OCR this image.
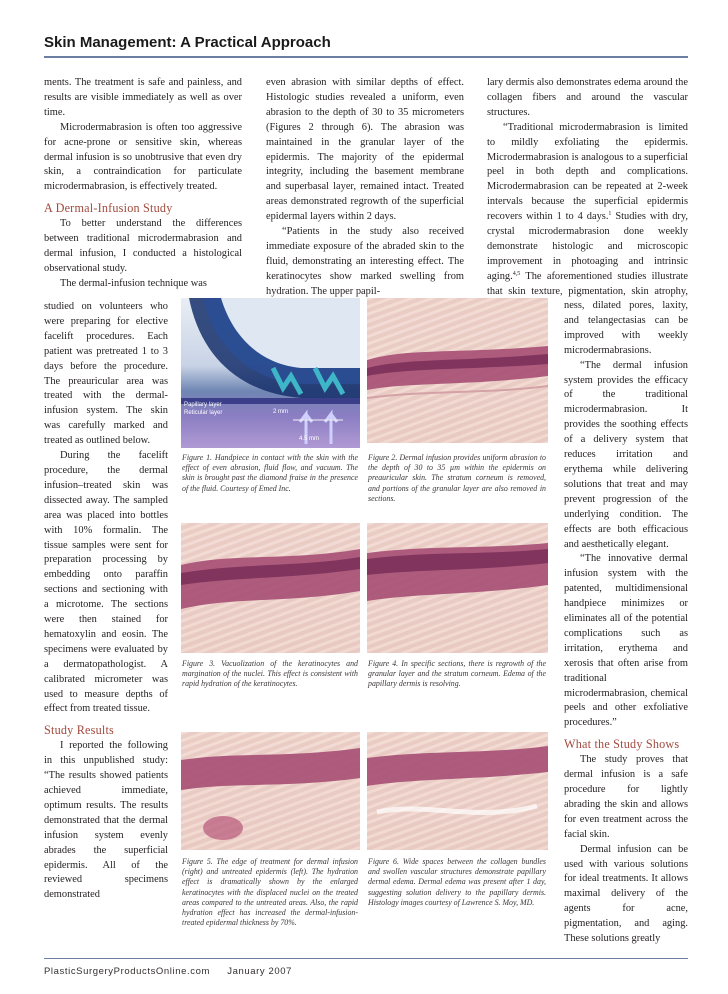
Skin Management: A Practical Approach

ments. The treatment is safe and painless, and results are visible immediately as well as over time.

Microdermabrasion is often too aggressive for acne-prone or sensitive skin, whereas dermal infusion is so unobtrusive that even dry skin, a contraindication for particulate microdermabrasion, is effectively treated.

A Dermal-Infusion Study

To better understand the differences between traditional microdermabrasion and dermal infusion, I conducted a histological observational study.

The dermal-infusion technique was

studied on volunteers who were preparing for elective facelift procedures. Each patient was pretreated 1 to 3 days before the procedure. The preauricular area was treated with the dermal-infusion system. The skin was carefully marked and treated as outlined below.

During the facelift procedure, the dermal infusion–treated skin was dissected away. The sampled area was placed into bottles with 10% formalin. The tissue samples were sent for preparation processing by embedding onto paraffin sections and sectioning with a microtome. The sections were then stained for hematoxylin and eosin. The specimens were evaluated by a dermatopathologist. A calibrated micrometer was used to measure depths of effect from treated tissue.

Study Results

I reported the following in this unpublished study: “The results showed patients achieved immediate, optimum results. The results demonstrated that the dermal infusion system evenly abrades the superficial epidermis. All of the reviewed specimens demonstrated

even abrasion with similar depths of effect. Histologic studies revealed a uniform, even abrasion to the depth of 30 to 35 micrometers (Figures 2 through 6). The abrasion was maintained in the granular layer of the epidermis. The majority of the epidermal integrity, including the basement membrane and superbasal layer, remained intact. Treated areas demonstrated regrowth of the superficial epidermal layers within 2 days.

“Patients in the study also received immediate exposure of the abraded skin to the fluid, demonstrating an interesting effect. The keratinocytes show marked swelling from hydration. The upper papil-

lary dermis also demonstrates edema around the collagen fibers and around the vascular structures.

“Traditional microdermabrasion is limited to mildly exfoliating the epidermis. Microdermabrasion is analogous to a superficial peel in both depth and complications. Microdermabrasion can be repeated at 2-week intervals because the superficial epidermis recovers within 1 to 4 days.$^1$ Studies with dry, crystal microdermabrasion done weekly demonstrate histologic and microscopic improvement in photoaging and intrinsic aging.$^{4,5}$ The aforementioned studies illustrate that skin texture, pigmentation, skin atrophy,

ness, dilated pores, laxity, and telangectasias can be improved with weekly microdermabrasions.

“The dermal infusion system provides the efficacy of the traditional microdermabrasion. It provides the soothing effects of a delivery system that reduces irritation and erythema while delivering solutions that treat and may prevent progression of the underlying condition. The effects are both efficacious and aesthetically elegant.

“The innovative dermal infusion system with the patented, multidimensional handpiece minimizes or eliminates all of the potential complications such as irritation, erythema and xerosis that often arise from traditional microdermabrasion, chemical peels and other exfoliative procedures.”

What the Study Shows

The study proves that dermal infusion is a safe procedure for lightly abrading the skin and allows for even treatment across the facial skin.

Dermal infusion can be used with various solutions for ideal treatments. It allows maximal delivery of the agents for acne, pigmentation, and aging. These solutions greatly

Papillary layer
Reticular layer	2 mm
4.5 mm
Figure 1. Handpiece in contact with the skin with the effect of even abrasion, fluid flow, and vacuum. The skin is brought past the diamond fraise in the presence of the fluid. Courtesy of Emed Inc.
Figure 2. Dermal infusion provides uniform abrasion to the depth of 30 to 35 µm within the epidermis on preauricular skin. The stratum corneum is removed, and portions of the granular layer are also removed in sections.
Figure 3. Vacuolization of the keratinocytes and margination of the nuclei. This effect is consistent with rapid hydration of the keratinocytes.
Figure 4. In specific sections, there is regrowth of the granular layer and the stratum corneum. Edema of the papillary dermis is resolving.
Figure 5. The edge of treatment for dermal infusion (right) and untreated epidermis (left). The hydration effect is dramatically shown by the enlarged keratinocytes with the displaced nuclei on the treated areas compared to the untreated areas. Also, the rapid hydration effect has increased the dermal-infusion-treated epidermal thickness by 70%.
Figure 6. Wide spaces between the collagen bundles and swollen vascular structures demonstrate papillary dermal edema. Dermal edema was present after 1 day, suggesting solution delivery to the papillary dermis. Histology images courtesy of Lawrence S. Moy, MD.
PlasticSurgeryProductsOnline.com January 2007
